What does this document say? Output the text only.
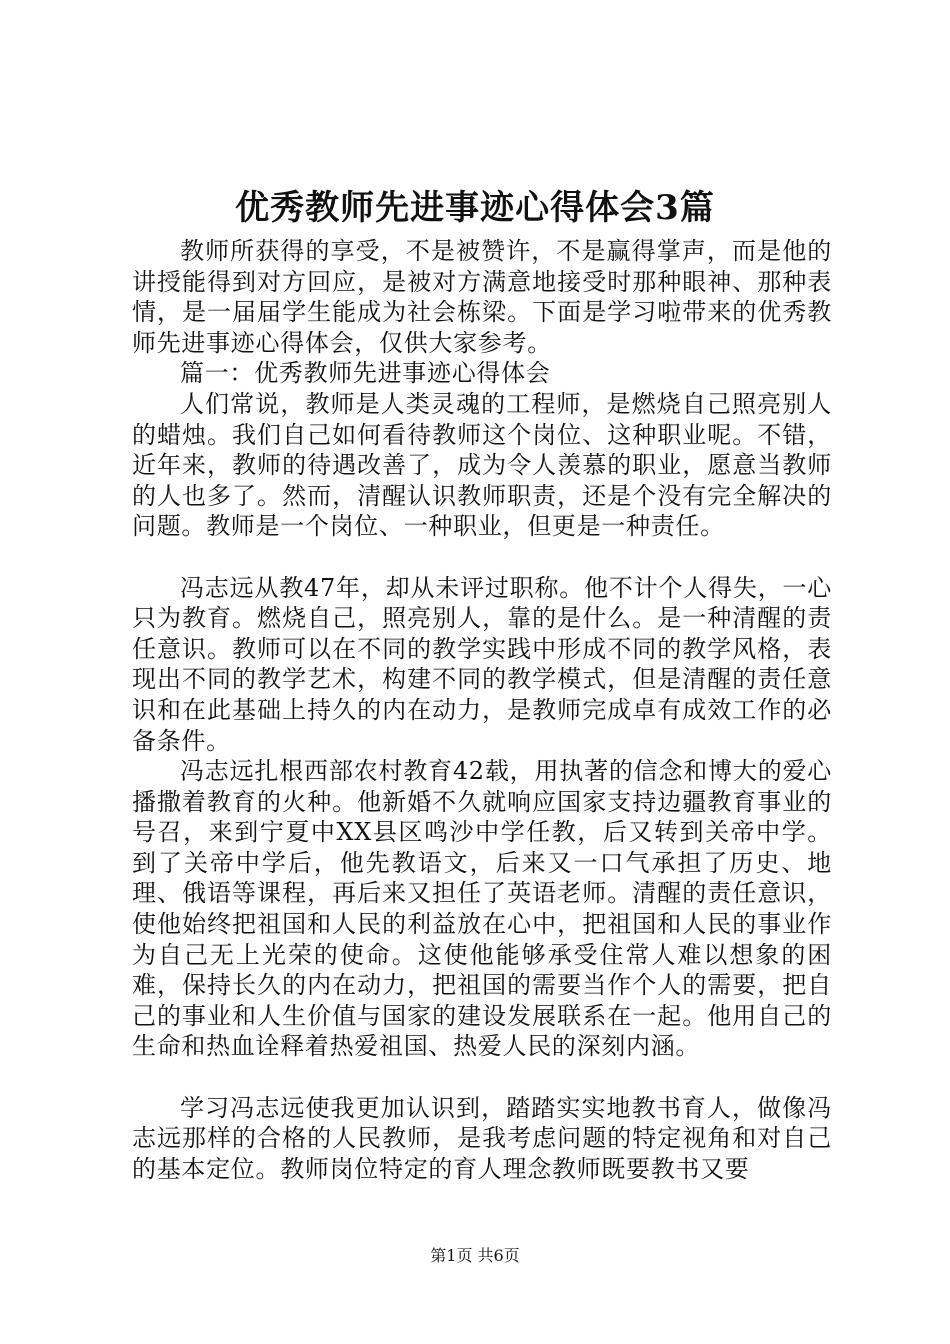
优秀教师先进事迹心得体会3篇

教师所获得的享受，不是被赞许，不是赢得掌声，而是他的讲授能得到对方回应，是被对方满意地接受时那种眼神、那种表情，是一届届学生能成为社会栋梁。下面是学习啦带来的优秀教师先进事迹心得体会，仅供大家参考。

篇一：优秀教师先进事迹心得体会

人们常说，教师是人类灵魂的工程师，是燃烧自己照亮别人的蜡烛。我们自己如何看待教师这个岗位、这种职业呢。不错，近年来，教师的待遇改善了，成为令人羡慕的职业，愿意当教师的人也多了。然而，清醒认识教师职责，还是个没有完全解决的问题。教师是一个岗位、一种职业，但更是一种责任。

冯志远从教47年，却从未评过职称。他不计个人得失，一心只为教育。燃烧自己，照亮别人，靠的是什么。是一种清醒的责任意识。教师可以在不同的教学实践中形成不同的教学风格，表现出不同的教学艺术，构建不同的教学模式，但是清醒的责任意识和在此基础上持久的内在动力，是教师完成卓有成效工作的必备条件。

冯志远扎根西部农村教育42载，用执著的信念和博大的爱心播撒着教育的火种。他新婚不久就响应国家支持边疆教育事业的号召，来到宁夏中XX县区鸣沙中学任教，后又转到关帝中学。到了关帝中学后，他先教语文，后来又一口气承担了历史、地理、俄语等课程，再后来又担任了英语老师。清醒的责任意识，使他始终把祖国和人民的利益放在心中，把祖国和人民的事业作为自己无上光荣的使命。这使他能够承受住常人难以想象的困难，保持长久的内在动力，把祖国的需要当作个人的需要，把自己的事业和人生价值与国家的建设发展联系在一起。他用自己的生命和热血诠释着热爱祖国、热爱人民的深刻内涵。

学习冯志远使我更加认识到，踏踏实实地教书育人，做像冯志远那样的合格的人民教师，是我考虑问题的特定视角和对自己的基本定位。教师岗位特定的育人理念教师既要教书又要

第1页 共6页
